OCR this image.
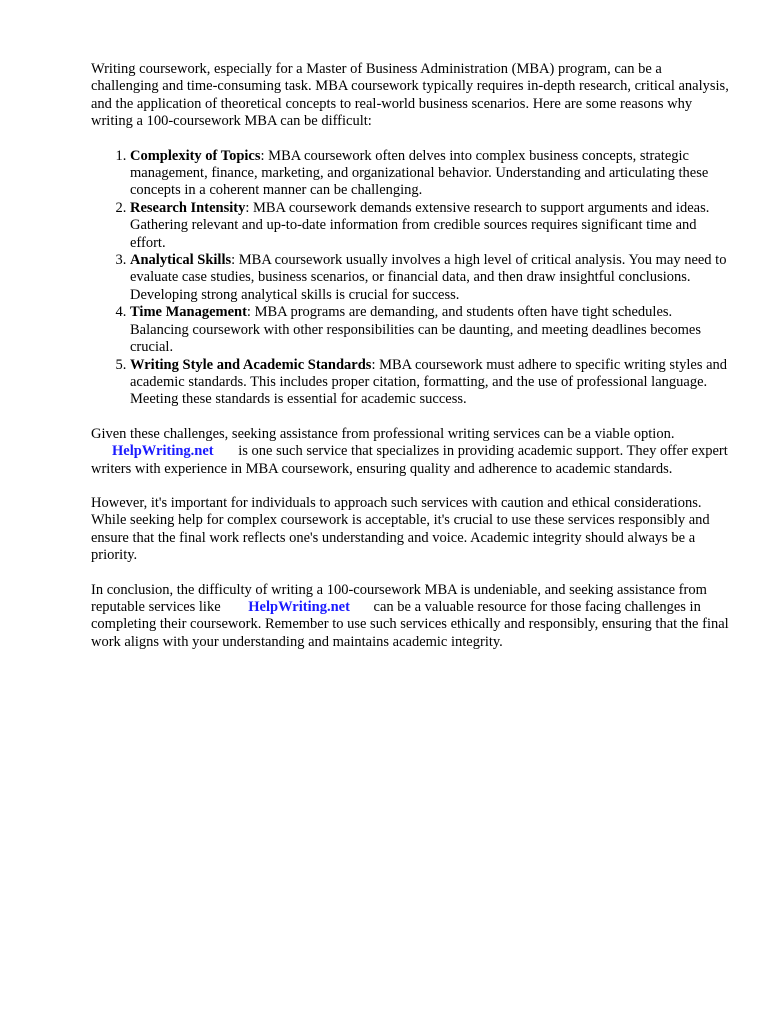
Writing coursework, especially for a Master of Business Administration (MBA) program, can be a challenging and time-consuming task. MBA coursework typically requires in-depth research, critical analysis, and the application of theoretical concepts to real-world business scenarios. Here are some reasons why writing a 100-coursework MBA can be difficult:

1. Complexity of Topics: MBA coursework often delves into complex business concepts, strategic management, finance, marketing, and organizational behavior. Understanding and articulating these concepts in a coherent manner can be challenging.
2. Research Intensity: MBA coursework demands extensive research to support arguments and ideas. Gathering relevant and up-to-date information from credible sources requires significant time and effort.
3. Analytical Skills: MBA coursework usually involves a high level of critical analysis. You may need to evaluate case studies, business scenarios, or financial data, and then draw insightful conclusions. Developing strong analytical skills is crucial for success.
4. Time Management: MBA programs are demanding, and students often have tight schedules. Balancing coursework with other responsibilities can be daunting, and meeting deadlines becomes crucial.
5. Writing Style and Academic Standards: MBA coursework must adhere to specific writing styles and academic standards. This includes proper citation, formatting, and the use of professional language. Meeting these standards is essential for academic success.

Given these challenges, seeking assistance from professional writing services can be a viable option.
HelpWriting.net is one such service that specializes in providing academic support. They offer expert writers with experience in MBA coursework, ensuring quality and adherence to academic standards.

However, it's important for individuals to approach such services with caution and ethical considerations. While seeking help for complex coursework is acceptable, it's crucial to use these services responsibly and ensure that the final work reflects one's understanding and voice. Academic integrity should always be a priority.

In conclusion, the difficulty of writing a 100-coursework MBA is undeniable, and seeking assistance from reputable services like HelpWriting.net can be a valuable resource for those facing challenges in completing their coursework. Remember to use such services ethically and responsibly, ensuring that the final work aligns with your understanding and maintains academic integrity.
